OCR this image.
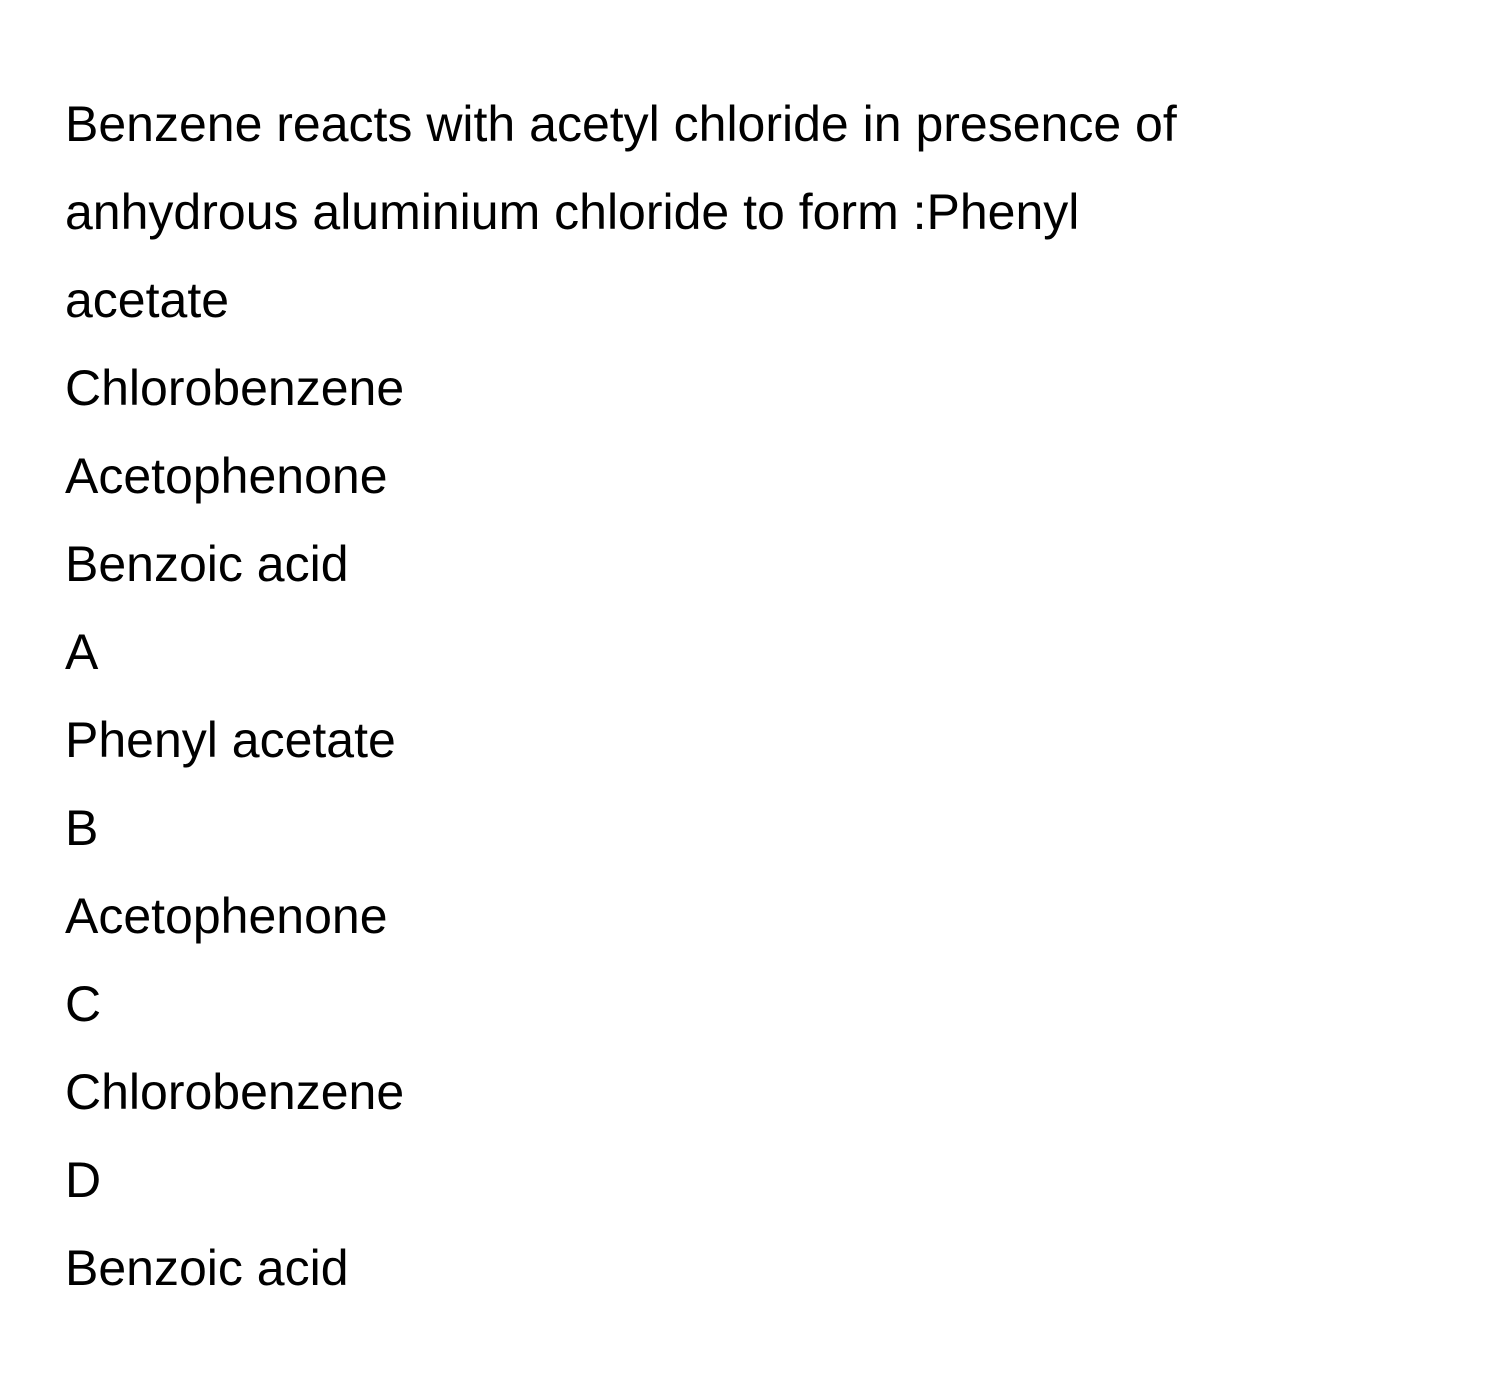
Benzene reacts with acetyl chloride in presence of
anhydrous aluminium chloride to form :Phenyl
acetate
Chlorobenzene
Acetophenone
Benzoic acid
A
Phenyl acetate
B
Acetophenone
C
Chlorobenzene
D
Benzoic acid
